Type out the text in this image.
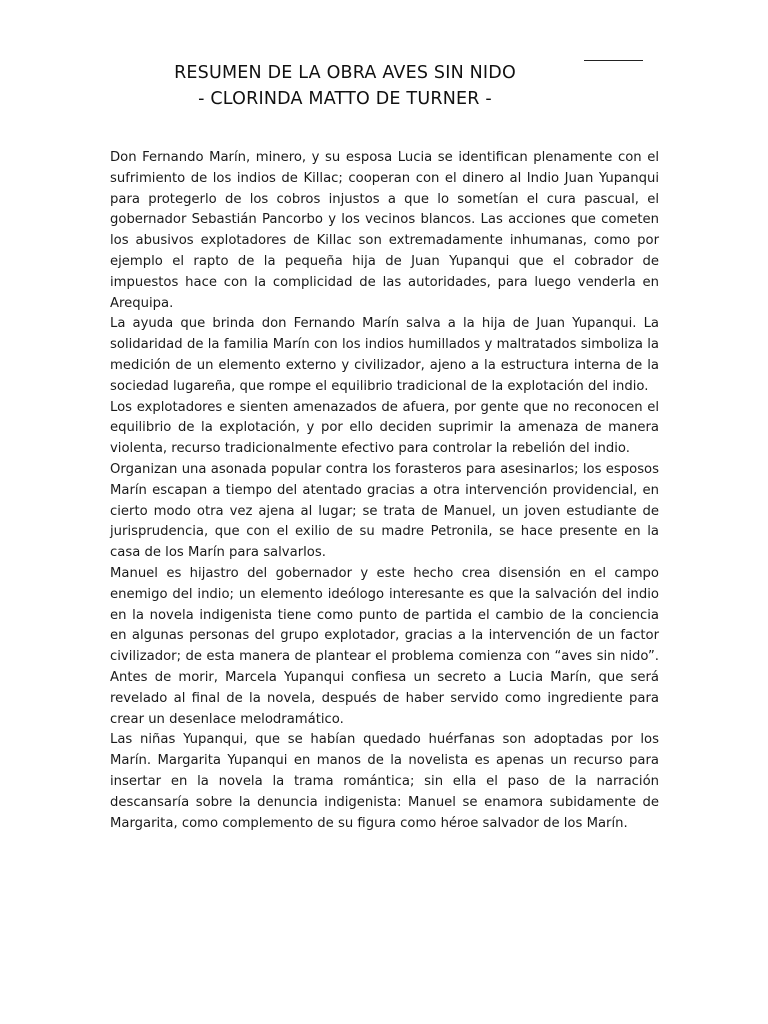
RESUMEN DE LA OBRA AVES SIN NIDO
- CLORINDA MATTO DE TURNER -

Don Fernando Marín, minero, y su esposa Lucia se identifican plenamente con el sufrimiento de los indios de Killac; cooperan con el dinero al Indio Juan Yupanqui para protegerlo de los cobros injustos a que lo sometían el cura pascual, el gobernador Sebastián Pancorbo y los vecinos blancos. Las acciones que cometen los abusivos explotadores de Killac son extremadamente inhumanas, como por ejemplo el rapto de la pequeña hija de Juan Yupanqui que el cobrador de impuestos hace con la complicidad de las autoridades, para luego venderla en Arequipa.

La ayuda que brinda don Fernando Marín salva a la hija de Juan Yupanqui. La solidaridad de la familia Marín con los indios humillados y maltratados simboliza la medición de un elemento externo y civilizador, ajeno a la estructura interna de la sociedad lugareña, que rompe el equilibrio tradicional de la explotación del indio.

Los explotadores e sienten amenazados de afuera, por gente que no reconocen el equilibrio de la explotación, y por ello deciden suprimir la amenaza de manera violenta, recurso tradicionalmente efectivo para controlar la rebelión del indio.

Organizan una asonada popular contra los forasteros para asesinarlos; los esposos Marín escapan a tiempo del atentado gracias a otra intervención providencial, en cierto modo otra vez ajena al lugar; se trata de Manuel, un joven estudiante de jurisprudencia, que con el exilio de su madre Petronila, se hace presente en la casa de los Marín para salvarlos.

Manuel es hijastro del gobernador y este hecho crea disensión en el campo enemigo del indio; un elemento ideólogo interesante es que la salvación del indio en la novela indigenista tiene como punto de partida el cambio de la conciencia en algunas personas del grupo explotador, gracias a la intervención de un factor civilizador; de esta manera de plantear el problema comienza con “aves sin nido”. Antes de morir, Marcela Yupanqui confiesa un secreto a Lucia Marín, que será revelado al final de la novela, después de haber servido como ingrediente para crear un desenlace melodramático.

Las niñas Yupanqui, que se habían quedado huérfanas son adoptadas por los Marín. Margarita Yupanqui en manos de la novelista es apenas un recurso para insertar en la novela la trama romántica; sin ella el paso de la narración descansaría sobre la denuncia indigenista: Manuel se enamora subidamente de Margarita, como complemento de su figura como héroe salvador de los Marín.
